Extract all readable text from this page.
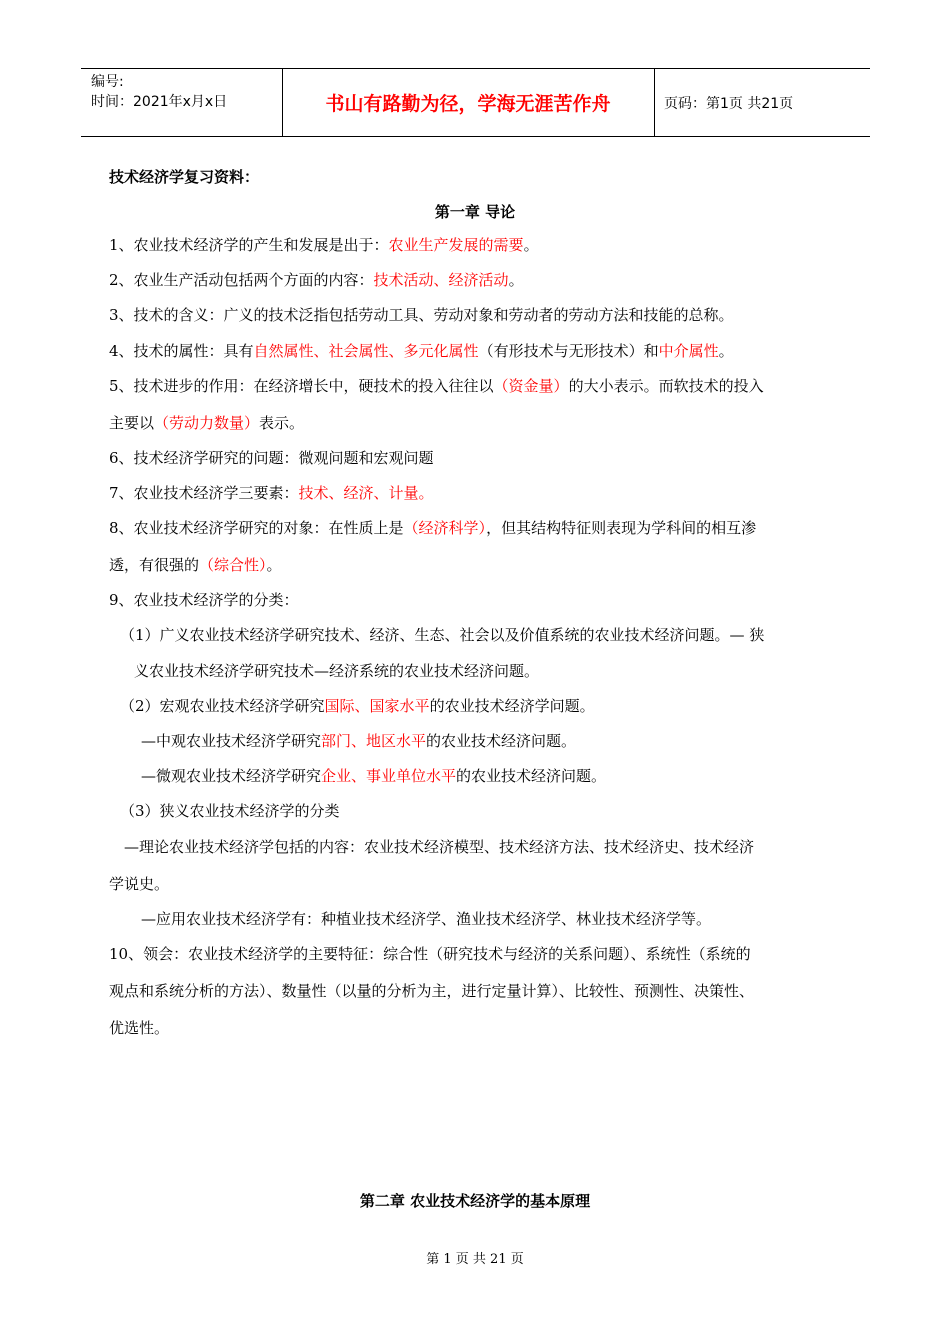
编号:
时间：2021年x月x日	书山有路勤为径，学海无涯苦作舟	页码：第1页 共21页
技术经济学复习资料：
第一章 导论
1、农业技术经济学的产生和发展是出于：农业生产发展的需要。
2、农业生产活动包括两个方面的内容：技术活动、经济活动。
3、技术的含义：广义的技术泛指包括劳动工具、劳动对象和劳动者的劳动方法和技能的总称。
4、技术的属性：具有自然属性、社会属性、多元化属性（有形技术与无形技术）和中介属性。
5、技术进步的作用：在经济增长中，硬技术的投入往往以（资金量）的大小表示。而软技术的投入
主要以（劳动力数量）表示。
6、技术经济学研究的问题：微观问题和宏观问题
7、农业技术经济学三要素：技术、经济、计量。
8、农业技术经济学研究的对象：在性质上是（经济科学），但其结构特征则表现为学科间的相互渗
透，有很强的（综合性）。
9、农业技术经济学的分类：
（1）广义农业技术经济学研究技术、经济、生态、社会以及价值系统的农业技术经济问题。— 狭
义农业技术经济学研究技术—经济系统的农业技术经济问题。
（2）宏观农业技术经济学研究国际、国家水平的农业技术经济学问题。
—中观农业技术经济学研究部门、地区水平的农业技术经济问题。
—微观农业技术经济学研究企业、事业单位水平的农业技术经济问题。
（3）狭义农业技术经济学的分类
—理论农业技术经济学包括的内容：农业技术经济模型、技术经济方法、技术经济史、技术经济
学说史。
—应用农业技术经济学有：种植业技术经济学、渔业技术经济学、林业技术经济学等。
10、领会：农业技术经济学的主要特征：综合性（研究技术与经济的关系问题）、系统性（系统的
观点和系统分析的方法）、数量性（以量的分析为主，进行定量计算）、比较性、预测性、决策性、
优选性。
第二章 农业技术经济学的基本原理
第 1 页 共 21 页
